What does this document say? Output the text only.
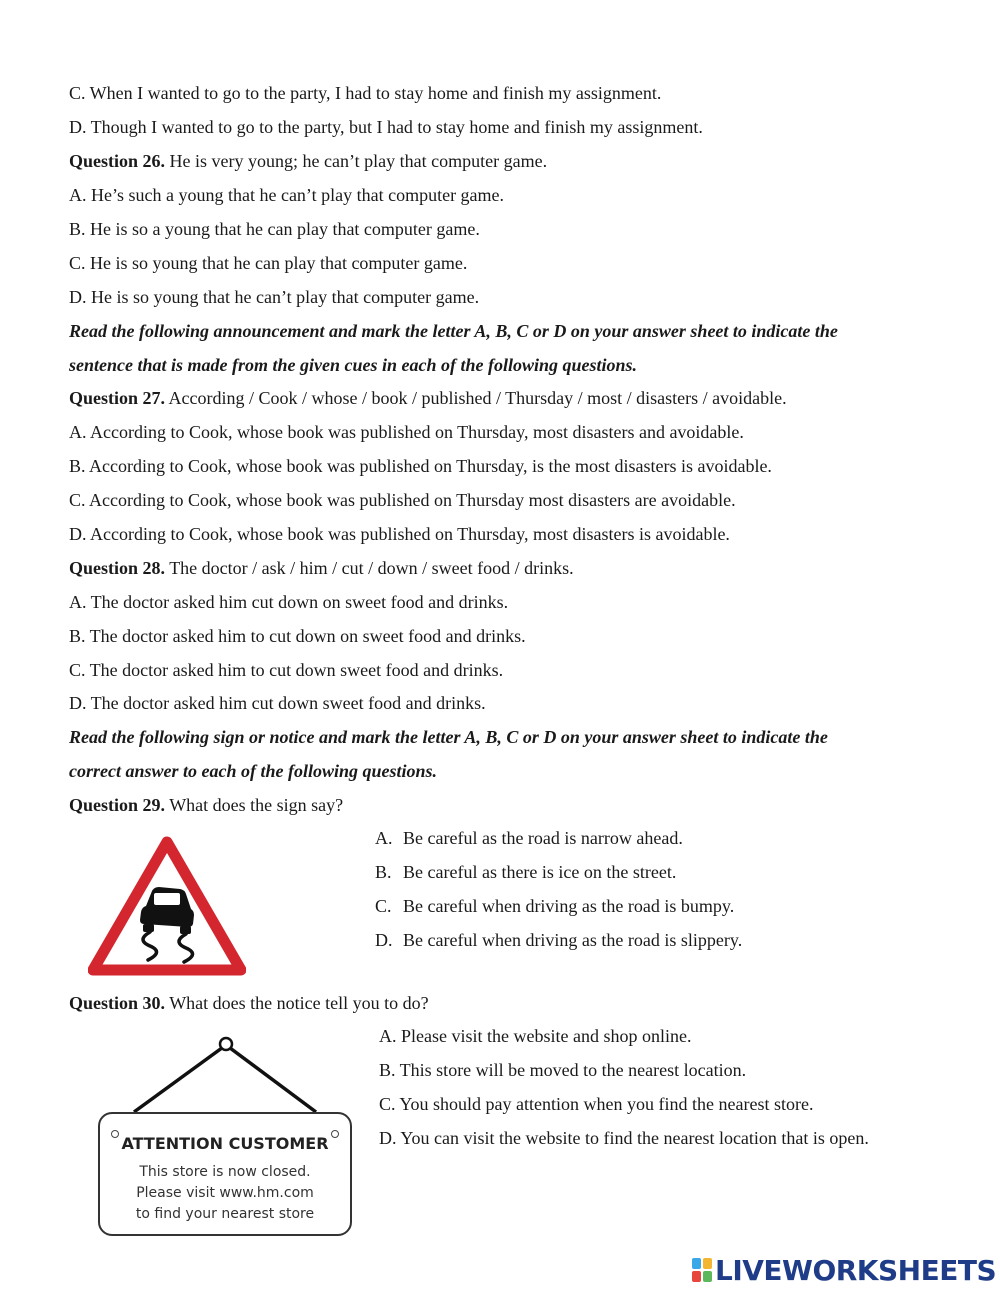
C. When I wanted to go to the party, I had to stay home and finish my assignment.
D. Though I wanted to go to the party, but I had to stay home and finish my assignment.
Question 26. He is very young; he can’t play that computer game.
A. He’s such a young that he can’t play that computer game.
B. He is so a young that he can play that computer game.
C. He is so young that he can play that computer game.
D. He is so young that he can’t play that computer game.
Read the following announcement and mark the letter A, B, C or D on your answer sheet to indicate the
sentence that is made from the given cues in each of the following questions.
Question 27. According / Cook / whose / book / published / Thursday / most / disasters / avoidable.
A. According to Cook, whose book was published on Thursday, most disasters and avoidable.
B. According to Cook, whose book was published on Thursday, is the most disasters is avoidable.
C. According to Cook, whose book was published on Thursday most disasters are avoidable.
D. According to Cook, whose book was published on Thursday, most disasters is avoidable.
Question 28. The doctor / ask / him / cut / down / sweet food / drinks.
A. The doctor asked him cut down on sweet food and drinks.
B. The doctor asked him to cut down on sweet food and drinks.
C. The doctor asked him to cut down sweet food and drinks.
D. The doctor asked him cut down sweet food and drinks.
Read the following sign or notice and mark the letter A, B, C or D on your answer sheet to indicate the
correct answer to each of the following questions.
Question 29. What does the sign say?
A. Be careful as the road is narrow ahead.
B. Be careful as there is ice on the street.
C. Be careful when driving as the road is bumpy.
D. Be careful when driving as the road is slippery.
Question 30. What does the notice tell you to do?
ATTENTION CUSTOMER
This store is now closed.
Please visit www.hm.com
to find your nearest store
A. Please visit the website and shop online.
B. This store will be moved to the nearest location.
C. You should pay attention when you find the nearest store.
D. You can visit the website to find the nearest location that is open.
LIVEWORKSHEETS
